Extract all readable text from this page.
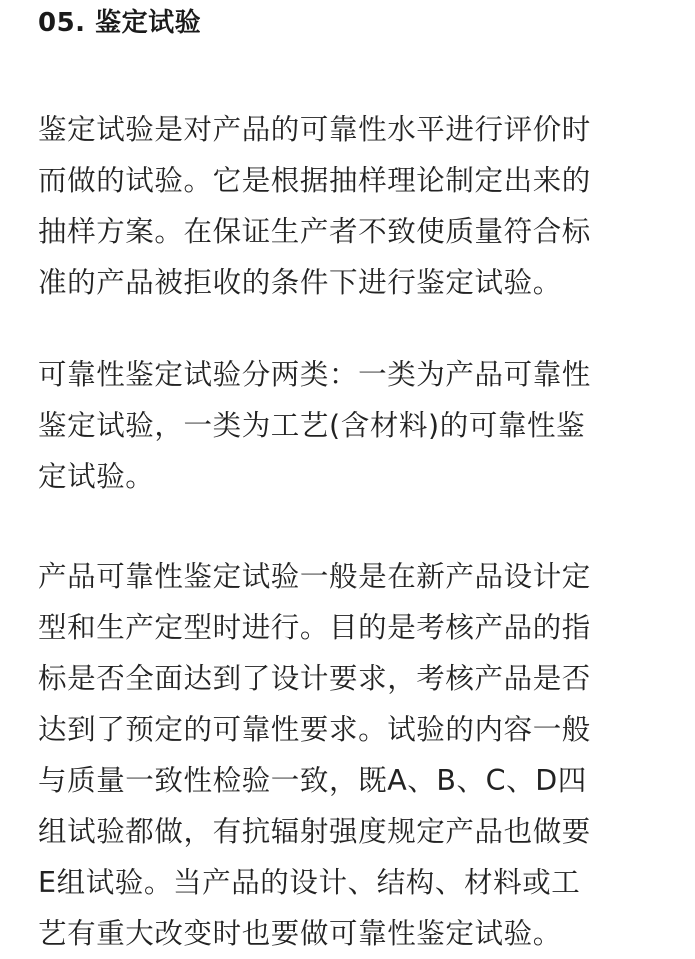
05. 鉴定试验

鉴定试验是对产品的可靠性水平进行评价时
而做的试验。它是根据抽样理论制定出来的
抽样方案。在保证生产者不致使质量符合标
准的产品被拒收的条件下进行鉴定试验。

可靠性鉴定试验分两类：一类为产品可靠性
鉴定试验，一类为工艺(含材料)的可靠性鉴
定试验。

产品可靠性鉴定试验一般是在新产品设计定
型和生产定型时进行。目的是考核产品的指
标是否全面达到了设计要求，考核产品是否
达到了预定的可靠性要求。试验的内容一般
与质量一致性检验一致，既A、B、C、D四
组试验都做，有抗辐射强度规定产品也做要
E组试验。当产品的设计、结构、材料或工
艺有重大改变时也要做可靠性鉴定试验。
